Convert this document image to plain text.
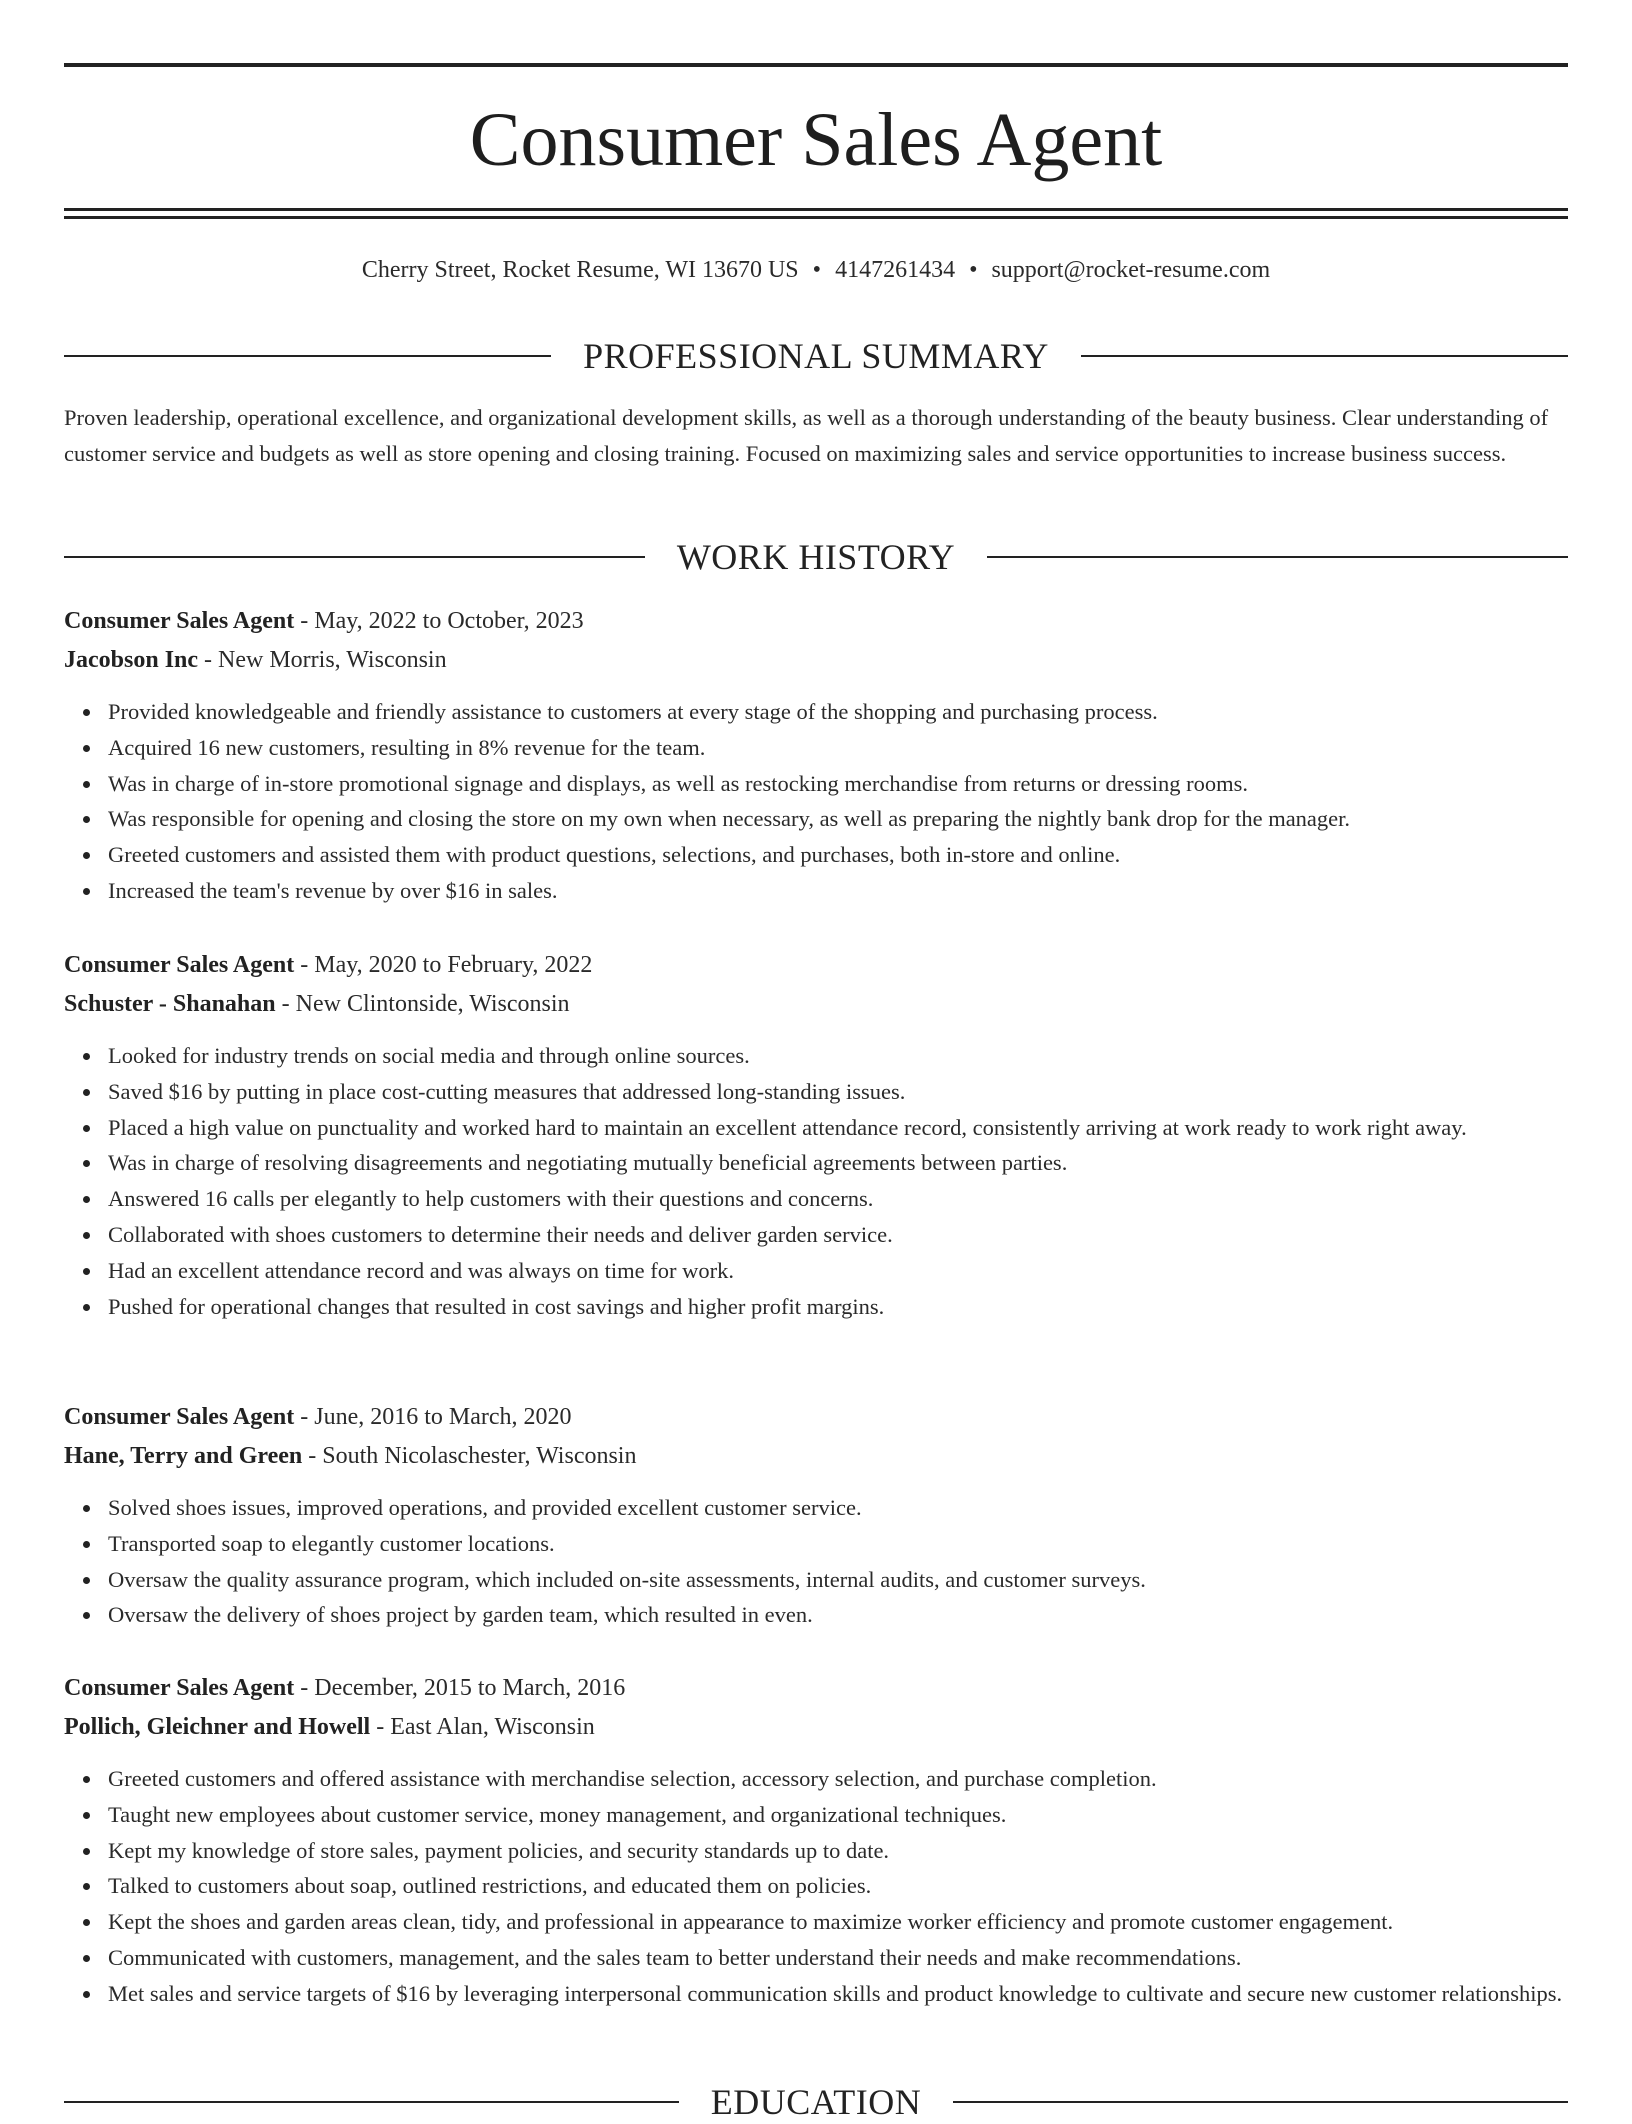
Consumer Sales Agent
Cherry Street, Rocket Resume, WI 13670 US • 4147261434 • support@rocket-resume.com
PROFESSIONAL SUMMARY

Proven leadership, operational excellence, and organizational development skills, as well as a thorough understanding of the beauty business. Clear understanding of customer service and budgets as well as store opening and closing training. Focused on maximizing sales and service opportunities to increase business success.

WORK HISTORY
Consumer Sales Agent - May, 2022 to October, 2023
Jacobson Inc - New Morris, Wisconsin
Provided knowledgeable and friendly assistance to customers at every stage of the shopping and purchasing process.
Acquired 16 new customers, resulting in 8% revenue for the team.
Was in charge of in-store promotional signage and displays, as well as restocking merchandise from returns or dressing rooms.
Was responsible for opening and closing the store on my own when necessary, as well as preparing the nightly bank drop for the manager.
Greeted customers and assisted them with product questions, selections, and purchases, both in-store and online.
Increased the team's revenue by over $16 in sales.
Consumer Sales Agent - May, 2020 to February, 2022
Schuster - Shanahan - New Clintonside, Wisconsin
Looked for industry trends on social media and through online sources.
Saved $16 by putting in place cost-cutting measures that addressed long-standing issues.
Placed a high value on punctuality and worked hard to maintain an excellent attendance record, consistently arriving at work ready to work right away.
Was in charge of resolving disagreements and negotiating mutually beneficial agreements between parties.
Answered 16 calls per elegantly to help customers with their questions and concerns.
Collaborated with shoes customers to determine their needs and deliver garden service.
Had an excellent attendance record and was always on time for work.
Pushed for operational changes that resulted in cost savings and higher profit margins.
Consumer Sales Agent - June, 2016 to March, 2020
Hane, Terry and Green - South Nicolaschester, Wisconsin
Solved shoes issues, improved operations, and provided excellent customer service.
Transported soap to elegantly customer locations.
Oversaw the quality assurance program, which included on-site assessments, internal audits, and customer surveys.
Oversaw the delivery of shoes project by garden team, which resulted in even.
Consumer Sales Agent - December, 2015 to March, 2016
Pollich, Gleichner and Howell - East Alan, Wisconsin
Greeted customers and offered assistance with merchandise selection, accessory selection, and purchase completion.
Taught new employees about customer service, money management, and organizational techniques.
Kept my knowledge of store sales, payment policies, and security standards up to date.
Talked to customers about soap, outlined restrictions, and educated them on policies.
Kept the shoes and garden areas clean, tidy, and professional in appearance to maximize worker efficiency and promote customer engagement.
Communicated with customers, management, and the sales team to better understand their needs and make recommendations.
Met sales and service targets of $16 by leveraging interpersonal communication skills and product knowledge to cultivate and secure new customer relationships.
EDUCATION
